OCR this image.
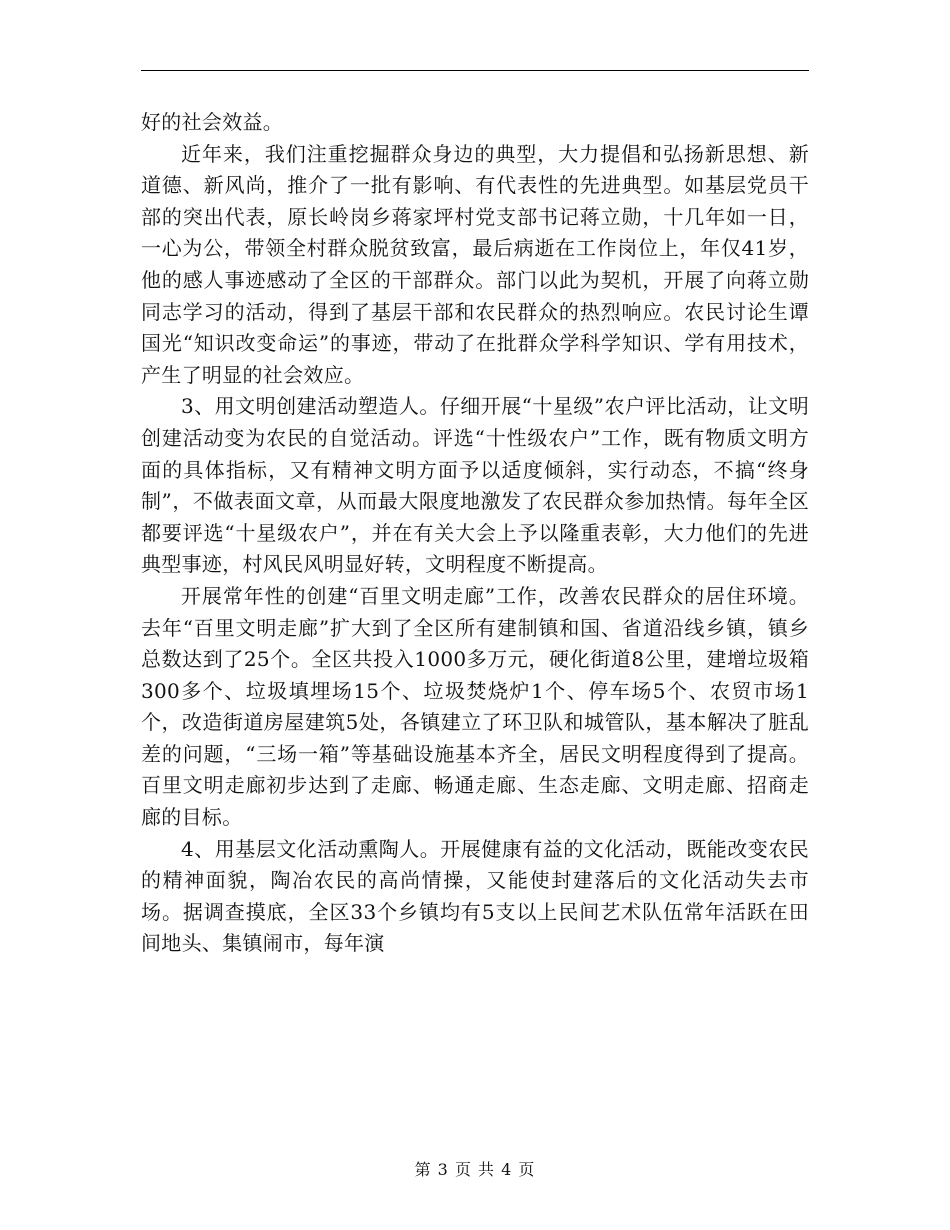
好的社会效益。

近年来，我们注重挖掘群众身边的典型，大力提倡和弘扬新思想、新道德、新风尚，推介了一批有影响、有代表性的先进典型。如基层党员干部的突出代表，原长岭岗乡蒋家坪村党支部书记蒋立勋，十几年如一日，一心为公，带领全村群众脱贫致富，最后病逝在工作岗位上，年仅41岁，他的感人事迹感动了全区的干部群众。部门以此为契机，开展了向蒋立勋同志学习的活动，得到了基层干部和农民群众的热烈响应。农民讨论生谭国光“知识改变命运”的事迹，带动了在批群众学科学知识、学有用技术，产生了明显的社会效应。

3、用文明创建活动塑造人。仔细开展“十星级”农户评比活动，让文明创建活动变为农民的自觉活动。评选“十性级农户”工作，既有物质文明方面的具体指标，又有精神文明方面予以适度倾斜，实行动态，不搞“终身制”，不做表面文章，从而最大限度地激发了农民群众参加热情。每年全区都要评选“十星级农户”，并在有关大会上予以隆重表彰，大力他们的先进典型事迹，村风民风明显好转，文明程度不断提高。

开展常年性的创建“百里文明走廊”工作，改善农民群众的居住环境。去年“百里文明走廊”扩大到了全区所有建制镇和国、省道沿线乡镇，镇乡总数达到了25个。全区共投入1000多万元，硬化街道8公里，建增垃圾箱300多个、垃圾填埋场15个、垃圾焚烧炉1个、停车场5个、农贸市场1个，改造街道房屋建筑5处，各镇建立了环卫队和城管队，基本解决了脏乱差的问题，“三场一箱”等基础设施基本齐全，居民文明程度得到了提高。百里文明走廊初步达到了走廊、畅通走廊、生态走廊、文明走廊、招商走廊的目标。

4、用基层文化活动熏陶人。开展健康有益的文化活动，既能改变农民的精神面貌，陶冶农民的高尚情操，又能使封建落后的文化活动失去市场。据调查摸底，全区33个乡镇均有5支以上民间艺术队伍常年活跃在田间地头、集镇闹市，每年演

第 3 页 共 4 页
